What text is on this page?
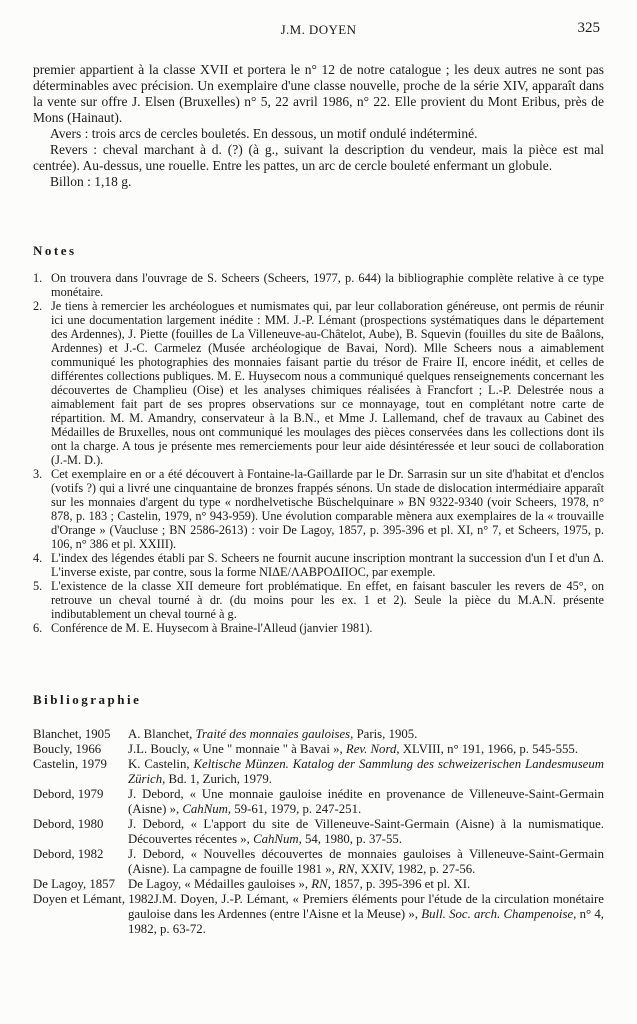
J.M. DOYEN	325

premier appartient à la classe XVII et portera le n° 12 de notre catalogue ; les deux autres ne sont pas déterminables avec précision. Un exemplaire d'une classe nouvelle, proche de la série XIV, apparaît dans la vente sur offre J. Elsen (Bruxelles) n° 5, 22 avril 1986, n° 22. Elle provient du Mont Eribus, près de Mons (Hainaut).

Avers : trois arcs de cercles bouletés. En dessous, un motif ondulé indéterminé.

Revers : cheval marchant à d. (?) (à g., suivant la description du vendeur, mais la pièce est mal centrée). Au-dessus, une rouelle. Entre les pattes, un arc de cercle bouleté enfermant un globule.

Billon : 1,18 g.

Notes

1. On trouvera dans l'ouvrage de S. Scheers (Scheers, 1977, p. 644) la bibliographie complète relative à ce type monétaire.

2. Je tiens à remercier les archéologues et numismates qui, par leur collaboration généreuse, ont permis de réunir ici une documentation largement inédite : MM. J.-P. Lémant (prospections systématiques dans le département des Ardennes), J. Piette (fouilles de La Villeneuve-au-Châtelot, Aube), B. Squevin (fouilles du site de Baâlons, Ardennes) et J.-C. Carmelez (Musée archéologique de Bavai, Nord). Mlle Scheers nous a aimablement communiqué les photographies des monnaies faisant partie du trésor de Fraire II, encore inédit, et celles de différentes collections publiques. M. E. Huysecom nous a communiqué quelques renseignements concernant les découvertes de Champlieu (Oise) et les analyses chimiques réalisées à Francfort ; L.-P. Delestrée nous a aimablement fait part de ses propres observations sur ce monnayage, tout en complétant notre carte de répartition. M. M. Amandry, conservateur à la B.N., et Mme J. Lallemand, chef de travaux au Cabinet des Médailles de Bruxelles, nous ont communiqué les moulages des pièces conservées dans les collections dont ils ont la charge. A tous je présente mes remerciements pour leur aide désintéressée et leur souci de collaboration (J.-M. D.).

3. Cet exemplaire en or a été découvert à Fontaine-la-Gaillarde par le Dr. Sarrasin sur un site d'habitat et d'enclos (votifs ?) qui a livré une cinquantaine de bronzes frappés sénons. Un stade de dislocation intermédiaire apparaît sur les monnaies d'argent du type « nordhelvetische Büschelquinare » BN 9322-9340 (voir Scheers, 1978, n° 878, p. 183 ; Castelin, 1979, n° 943-959). Une évolution comparable mènera aux exemplaires de la « trouvaille d'Orange » (Vaucluse ; BN 2586-2613) : voir De Lagoy, 1857, p. 395-396 et pl. XI, n° 7, et Scheers, 1975, p. 106, n° 386 et pl. XXIII).

4. L'index des légendes établi par S. Scheers ne fournit aucune inscription montrant la succession d'un I et d'un Δ. L'inverse existe, par contre, sous la forme NIΔE/ΛABPOΔIIOC, par exemple.

5. L'existence de la classe XII demeure fort problématique. En effet, en faisant basculer les revers de 45°, on retrouve un cheval tourné à dr. (du moins pour les ex. 1 et 2). Seule la pièce du M.A.N. présente indibutablement un cheval tourné à g.

6. Conférence de M. E. Huysecom à Braine-l'Alleud (janvier 1981).

Bibliographie

Blanchet, 1905 A. Blanchet, Traité des monnaies gauloises, Paris, 1905.

Boucly, 1966 J.L. Boucly, « Une " monnaie " à Bavai », Rev. Nord, XLVIII, n° 191, 1966, p. 545-555.

Castelin, 1979 K. Castelin, Keltische Münzen. Katalog der Sammlung des schweizerischen Landesmuseum Zürich, Bd. 1, Zurich, 1979.

Debord, 1979 J. Debord, « Une monnaie gauloise inédite en provenance de Villeneuve-Saint-Germain (Aisne) », CahNum, 59-61, 1979, p. 247-251.

Debord, 1980 J. Debord, « L'apport du site de Villeneuve-Saint-Germain (Aisne) à la numismatique. Découvertes récentes », CahNum, 54, 1980, p. 37-55.

Debord, 1982 J. Debord, « Nouvelles découvertes de monnaies gauloises à Villeneuve-Saint-Germain (Aisne). La campagne de fouille 1981 », RN, XXIV, 1982, p. 27-56.

De Lagoy, 1857 De Lagoy, « Médailles gauloises », RN, 1857, p. 395-396 et pl. XI.

Doyen et Lémant, 1982J.M. Doyen, J.-P. Lémant, « Premiers éléments pour l'étude de la circulation monétaire gauloise dans les Ardennes (entre l'Aisne et la Meuse) », Bull. Soc. arch. Champenoise, n° 4, 1982, p. 63-72.
